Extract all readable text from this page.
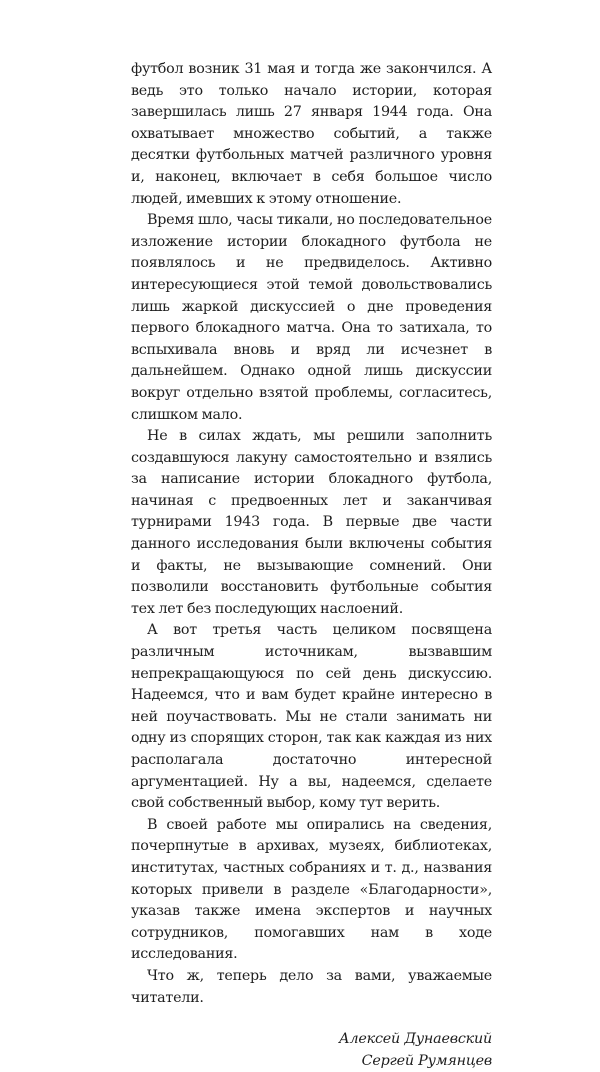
футбол возник 31 мая и тогда же закончился. А ведь это только начало истории, которая завершилась лишь 27 января 1944 года. Она охватывает множество событий, а также десятки футбольных матчей различного уровня и, наконец, включает в себя большое число людей, имевших к этому отношение.

Время шло, часы тикали, но последовательное изложение истории блокадного футбола не появлялось и не предвиделось. Активно интересующиеся этой темой довольствовались лишь жаркой дискуссией о дне проведения первого блокадного матча. Она то затихала, то вспыхивала вновь и вряд ли исчезнет в дальнейшем. Однако одной лишь дискуссии вокруг отдельно взятой проблемы, согласитесь, слишком мало.

Не в силах ждать, мы решили заполнить создавшуюся лакуну самостоятельно и взялись за написание истории блокадного футбола, начиная с предвоенных лет и заканчивая турнирами 1943 года. В первые две части данного исследования были включены события и факты, не вызывающие сомнений. Они позволили восстановить футбольные события тех лет без последующих наслоений.

А вот третья часть целиком посвящена различным источникам, вызвавшим непрекращающуюся по сей день дискуссию. Надеемся, что и вам будет крайне интересно в ней поучаствовать. Мы не стали занимать ни одну из спорящих сторон, так как каждая из них располагала достаточно интересной аргументацией. Ну а вы, надеемся, сделаете свой собственный выбор, кому тут верить.

В своей работе мы опирались на сведения, почерпнутые в архивах, музеях, библиотеках, институтах, частных собраниях и т. д., названия которых привели в разделе «Благодарности», указав также имена экспертов и научных сотрудников, помогавших нам в ходе исследования.

Что ж, теперь дело за вами, уважаемые читатели.

Алексей Дунаевский
Сергей Румянцев
